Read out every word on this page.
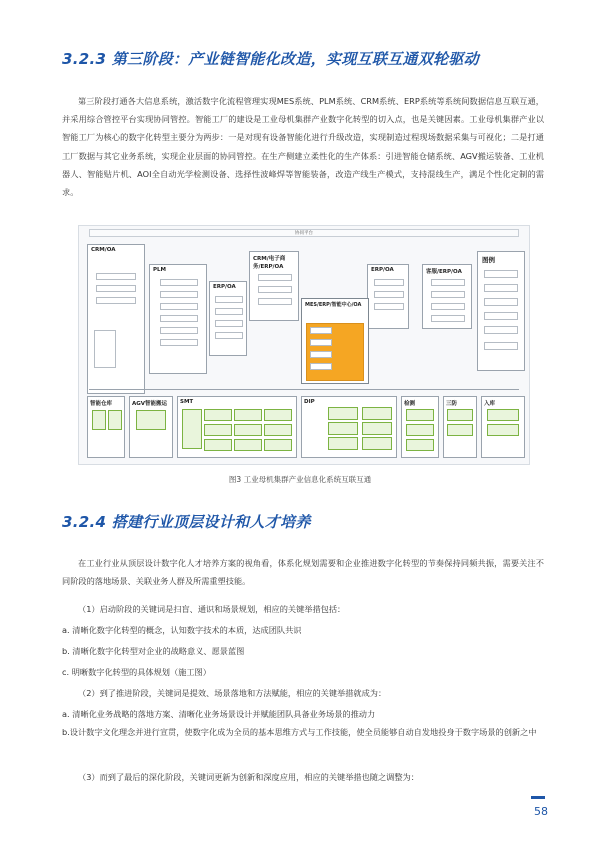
3.2.3 第三阶段：产业链智能化改造，实现互联互通双轮驱动
第三阶段打通各大信息系统，激活数字化流程管理实现MES系统、PLM系统、CRM系统、ERP系统等系统间数据信息互联互通，并采用综合管控平台实现协同管控。智能工厂的建设是工业母机集群产业数字化转型的切入点，也是关键因素。工业母机集群产业以智能工厂为核心的数字化转型主要分为两步：一是对现有设备智能化进行升级改造，实现制造过程现场数据采集与可视化；二是打通工厂数据与其它业务系统，实现企业层面的协同管控。在生产侧建立柔性化的生产体系：引进智能仓储系统、AGV搬运装备、工业机器人、智能贴片机、AOI全自动光学检测设备、选择性波峰焊等智能装备，改造产线生产模式，支持混线生产，满足个性化定制的需求。
协同平台
CRM/OA
PLM
CRM/电子商务/ERP/OA
ERP/OA
ERP/OA	客服/ERP/OA
图例
MES/ERP/智能中心/OA
智能仓库	AGV智能搬运 SMT	DIP	检测	三防	入库
图3 工业母机集群产业信息化系统互联互通
3.2.4 搭建行业顶层设计和人才培养
在工业行业从顶层设计数字化人才培养方案的视角看，体系化规划需要和企业推进数字化转型的节奏保持同频共振，需要关注不同阶段的落地场景、关联业务人群及所需重塑技能。
（1）启动阶段的关键词是扫盲、通识和场景规划，相应的关键举措包括：
a. 清晰化数字化转型的概念，认知数字技术的本质，达成团队共识
b. 清晰化数字化转型对企业的战略意义、愿景蓝图
c. 明晰数字化转型的具体规划（施工图）
（2）到了推进阶段，关键词是提效、场景落地和方法赋能，相应的关键举措就成为：
a. 清晰化业务战略的落地方案、清晰化业务场景设计并赋能团队具备业务场景的推动力
b.设计数字文化理念并进行宣贯，使数字化成为全员的基本思维方式与工作技能，使全员能够自动自发地投身于数字场景的创新之中
（3）而到了最后的深化阶段，关键词更新为创新和深度应用，相应的关键举措也随之调整为：
58
